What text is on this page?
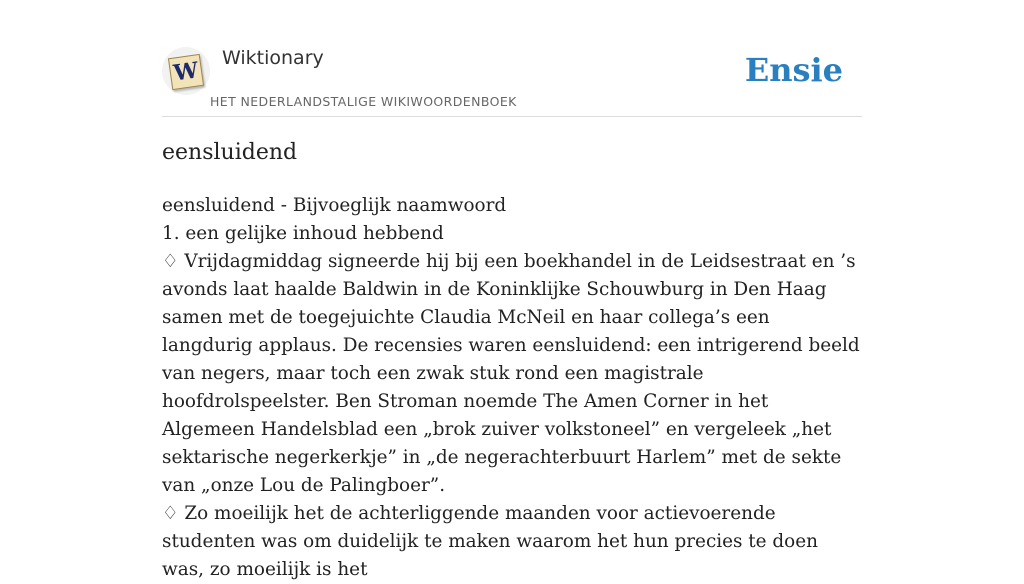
W Wiktionary
HET NEDERLANDSTALIGE WIKIWOORDENBOEK
Ensie
eensluidend

eensluidend - Bijvoeglijk naamwoord

1. een gelijke inhoud hebbend

♢ Vrijdagmiddag signeerde hij bij een boekhandel in de Leidsestraat en ’s avonds laat haalde Baldwin in de Koninklijke Schouwburg in Den Haag samen met de toegejuichte Claudia McNeil en haar collega’s een langdurig applaus. De recensies waren eensluidend: een intrigerend beeld van negers, maar toch een zwak stuk rond een magistrale hoofdrolspeelster. Ben Stroman noemde The Amen Corner in het Algemeen Handelsblad een „brok zuiver volkstoneel” en vergeleek „het sektarische negerkerkje” in „de negerachterbuurt Harlem” met de sekte van „onze Lou de Palingboer”.

♢ Zo moeilijk het de achterliggende maanden voor actievoerende studenten was om duidelijk te maken waarom het hun precies te doen was, zo moeilijk is het
